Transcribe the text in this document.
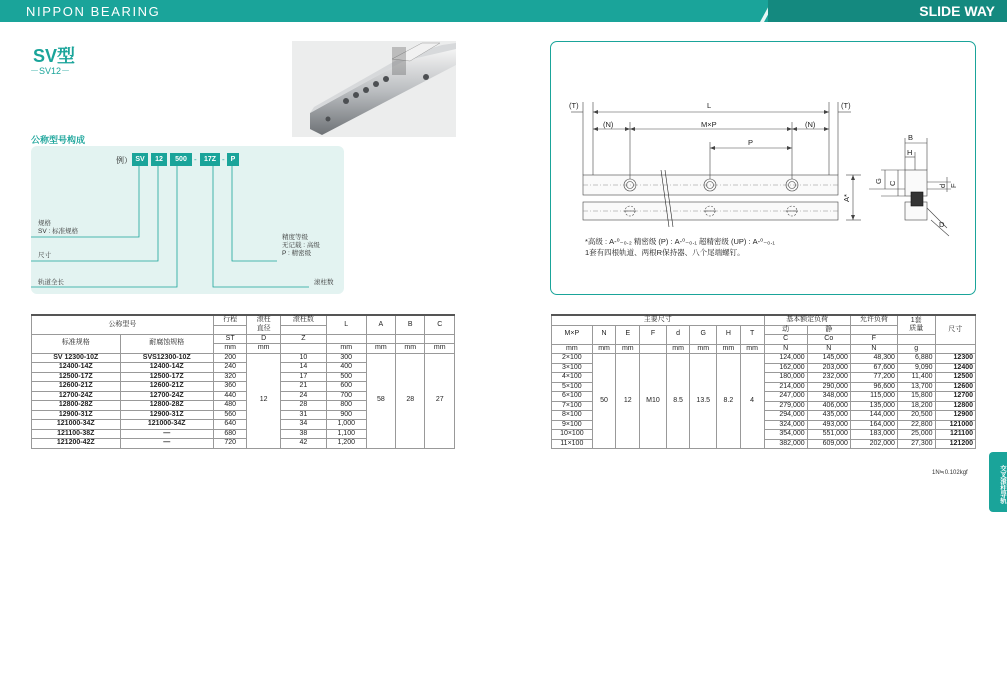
NIPPON BEARING	SLIDE WAY
SV型
－SV12－
公称型号构成
例） SV	12	500 -	17Z - P
规格
SV : 标准规格
尺寸
轨道全长
精度等级
无记载 : 高级
P : 精密级
滚柱数
(T)	(T)
L
(N)	(N)
M×P
P
A*
B
H
G C	d F
D
*高级 : A-⁰₋₀.₂ 精密级 (P) : A-⁰₋₀.₁ 超精密级 (UP) : A-⁰₋₀.₁
1套有四根轨道、两根R保持器、八个尾端螺钉。
公称型号		行程	滚柱
直径	滚柱数	L	A	B	C

标准规格	耐腐蚀规格	ST	D	Z				
		mm	mm		mm	mm	mm	mm
SV 12300-10Z	SVS12300-10Z	200	12	10	300	58	28	27
12400-14Z	12400-14Z	240		14	400			
12500-17Z	12500-17Z	320		17	500			
12600-21Z	12600-21Z	360		21	600			
12700-24Z	12700-24Z	440		24	700			
12800-28Z	12800-28Z	480		28	800			
12900-31Z	12900-31Z	560		31	900			
121000-34Z	121000-34Z	640		34	1,000			
121100-38Z	—	680		38	1,100			
121200-42Z	—	720		42	1,200			
主要尺寸								基本额定负荷		允许负荷	1套
质量	尺寸
M×P	N	E	F	d	G	H	T	动	静			
								C	Co	F		
mm	mm	mm		mm	mm	mm	mm	N	N	N	g	
2×100	50	12	M10	8.5	13.5	8.2	4	124,000	145,000	48,300	6,880	12300
3×100								162,000	203,000	67,600	9,090	12400
4×100								180,000	232,000	77,200	11,400	12500
5×100								214,000	290,000	96,600	13,700	12600
6×100								247,000	348,000	115,000	15,800	12700
7×100								279,000	406,000	135,000	18,200	12800
8×100								294,000	435,000	144,000	20,500	12900
9×100								324,000	493,000	164,000	22,800	121000
10×100								354,000	551,000	183,000	25,000	121100
11×100								382,000	609,000	202,000	27,300	121200
1N≒0.102kgf	交叉滚柱导轨
